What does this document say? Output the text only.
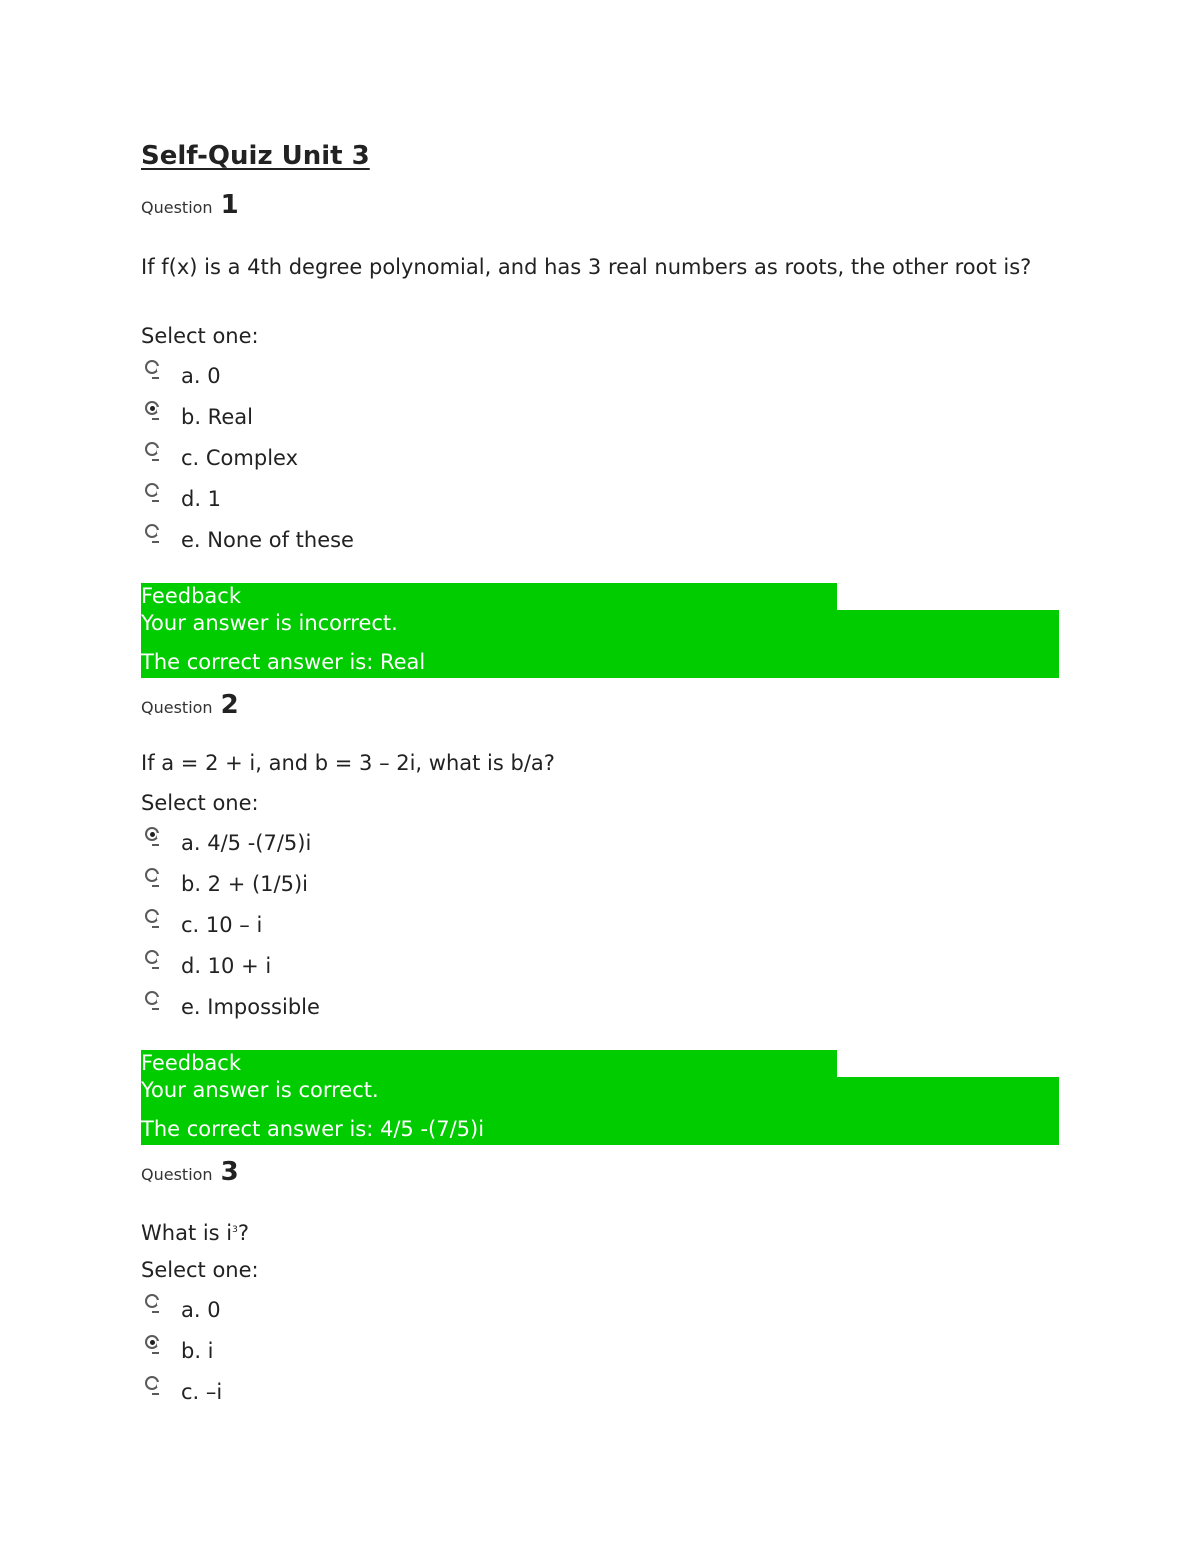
Self-Quiz Unit 3
Question 1
If f(x) is a 4th degree polynomial, and has 3 real numbers as roots, the other root is?
Select one:
a. 0
b. Real
c. Complex
d. 1
e. None of these
Feedback
Your answer is incorrect.
The correct answer is: Real
Question 2
If a = 2 + i, and b = 3 – 2i, what is b/a?
Select one:
a. 4/5 -(7/5)i
b. 2 + (1/5)i
c. 10 – i
d. 10 + i
e. Impossible
Feedback
Your answer is correct.
The correct answer is: 4/5 -(7/5)i
Question 3
What is $i^3$?
Select one:
a. 0
b. i
c. –i
